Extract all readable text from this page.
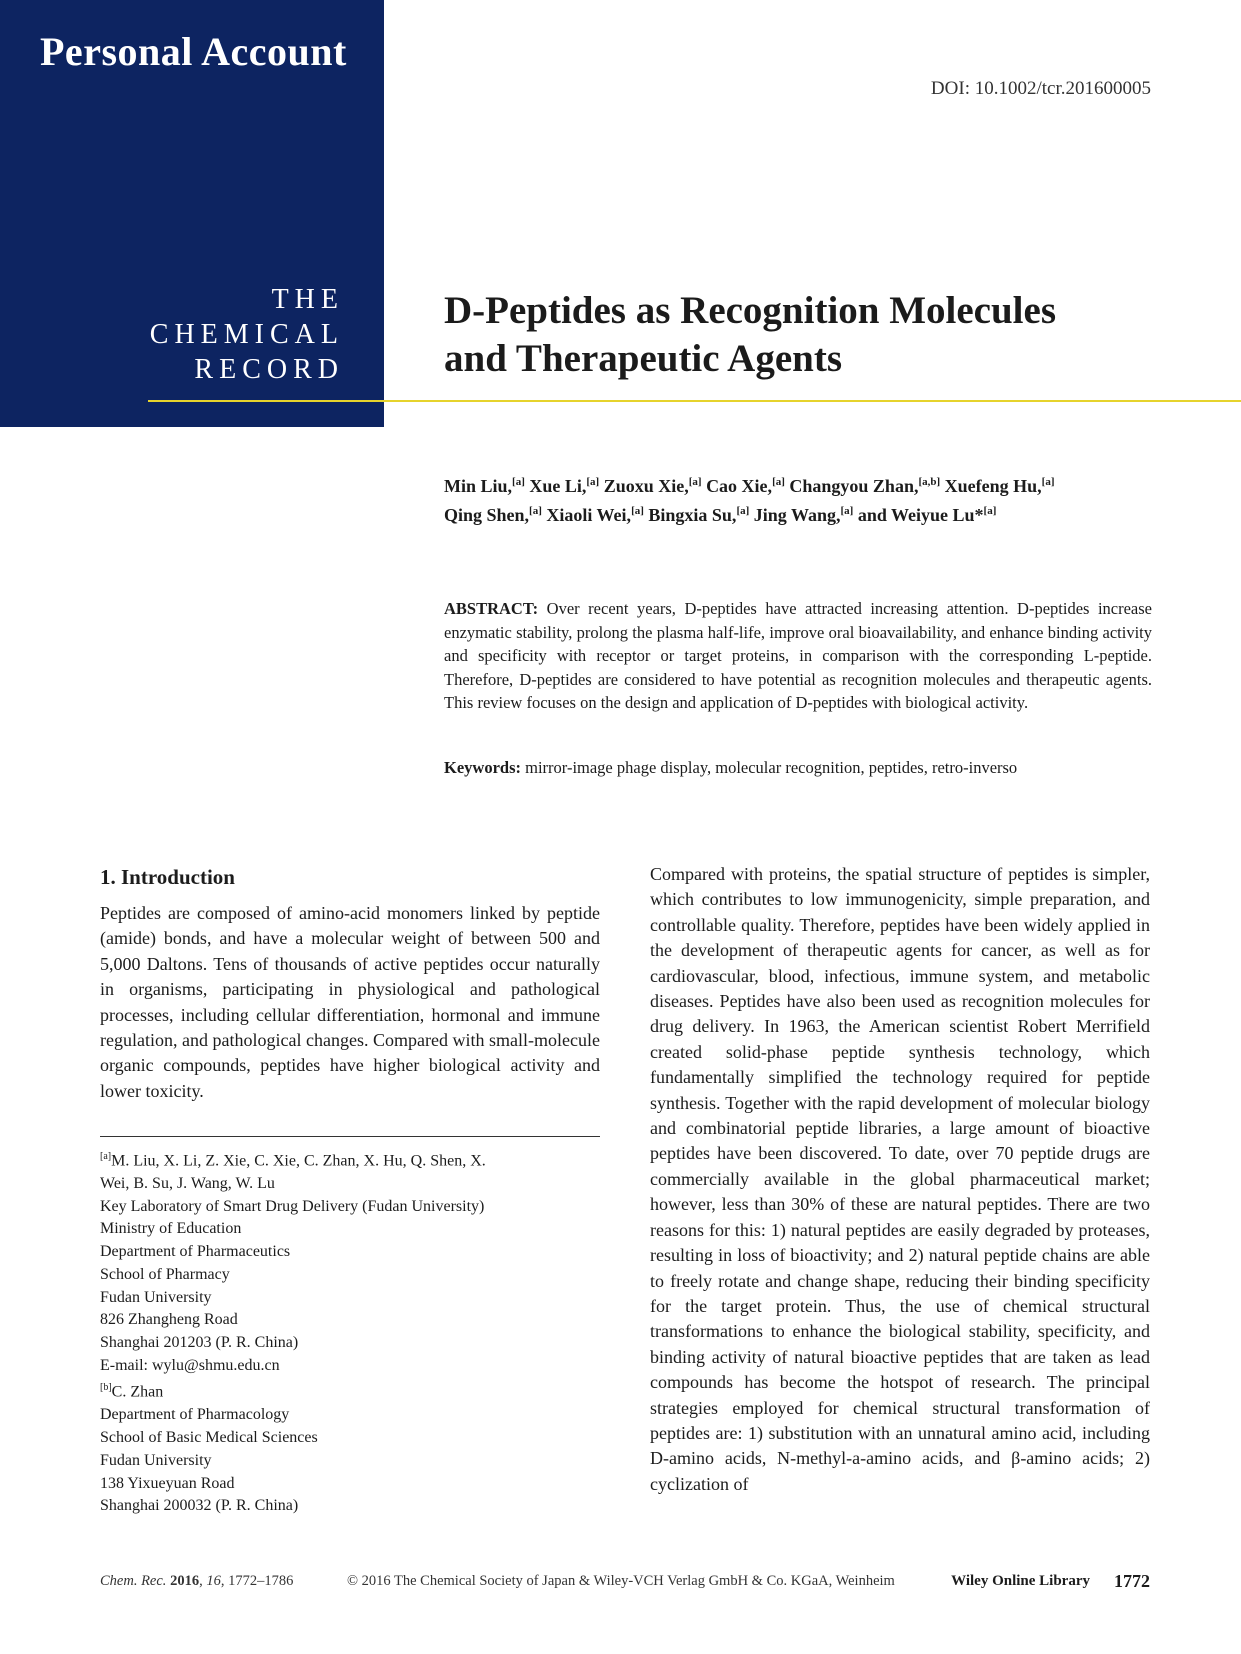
Personal Account
THE
CHEMICAL
RECORD
DOI: 10.1002/tcr.201600005
D-Peptides as Recognition Molecules
and Therapeutic Agents
Min Liu,[a] Xue Li,[a] Zuoxu Xie,[a] Cao Xie,[a] Changyou Zhan,[a,b] Xuefeng Hu,[a]
Qing Shen,[a] Xiaoli Wei,[a] Bingxia Su,[a] Jing Wang,[a] and Weiyue Lu*[a]
ABSTRACT: Over recent years, D-peptides have attracted increasing attention. D-peptides increase enzymatic stability, prolong the plasma half-life, improve oral bioavailability, and enhance binding activity and specificity with receptor or target proteins, in comparison with the corresponding L-peptide. Therefore, D-peptides are considered to have potential as recognition molecules and therapeutic agents. This review focuses on the design and application of D-peptides with biological activity.
Keywords: mirror-image phage display, molecular recognition, peptides, retro-inverso
1. Introduction

Peptides are composed of amino-acid monomers linked by peptide (amide) bonds, and have a molecular weight of between 500 and 5,000 Daltons. Tens of thousands of active peptides occur naturally in organisms, participating in physiological and pathological processes, including cellular differentiation, hormonal and immune regulation, and pathological changes. Compared with small-molecule organic compounds, peptides have higher biological activity and lower toxicity.

[a]M. Liu, X. Li, Z. Xie, C. Xie, C. Zhan, X. Hu, Q. Shen, X.
Wei, B. Su, J. Wang, W. Lu
Key Laboratory of Smart Drug Delivery (Fudan University)
Ministry of Education
Department of Pharmaceutics
School of Pharmacy
Fudan University
826 Zhangheng Road
Shanghai 201203 (P. R. China)
E-mail: wylu@shmu.edu.cn
[b]C. Zhan
Department of Pharmacology
School of Basic Medical Sciences
Fudan University
138 Yixueyuan Road
Shanghai 200032 (P. R. China)

Compared with proteins, the spatial structure of peptides is simpler, which contributes to low immunogenicity, simple preparation, and controllable quality. Therefore, peptides have been widely applied in the development of therapeutic agents for cancer, as well as for cardiovascular, blood, infectious, immune system, and metabolic diseases. Peptides have also been used as recognition molecules for drug delivery. In 1963, the American scientist Robert Merrifield created solid-phase peptide synthesis technology, which fundamentally simplified the technology required for peptide synthesis. Together with the rapid development of molecular biology and combinatorial peptide libraries, a large amount of bioactive peptides have been discovered. To date, over 70 peptide drugs are commercially available in the global pharmaceutical market; however, less than 30% of these are natural peptides. There are two reasons for this: 1) natural peptides are easily degraded by proteases, resulting in loss of bioactivity; and 2) natural peptide chains are able to freely rotate and change shape, reducing their binding specificity for the target protein. Thus, the use of chemical structural transformations to enhance the biological stability, specificity, and binding activity of natural bioactive peptides that are taken as lead compounds has become the hotspot of research. The principal strategies employed for chemical structural transformation of peptides are: 1) substitution with an unnatural amino acid, including D-amino acids, N-methyl-a-amino acids, and β-amino acids; 2) cyclization of

Chem. Rec. 2016, 16, 1772–1786	© 2016 The Chemical Society of Japan & Wiley-VCH Verlag GmbH & Co. KGaA, Weinheim	Wiley Online Library 1772
